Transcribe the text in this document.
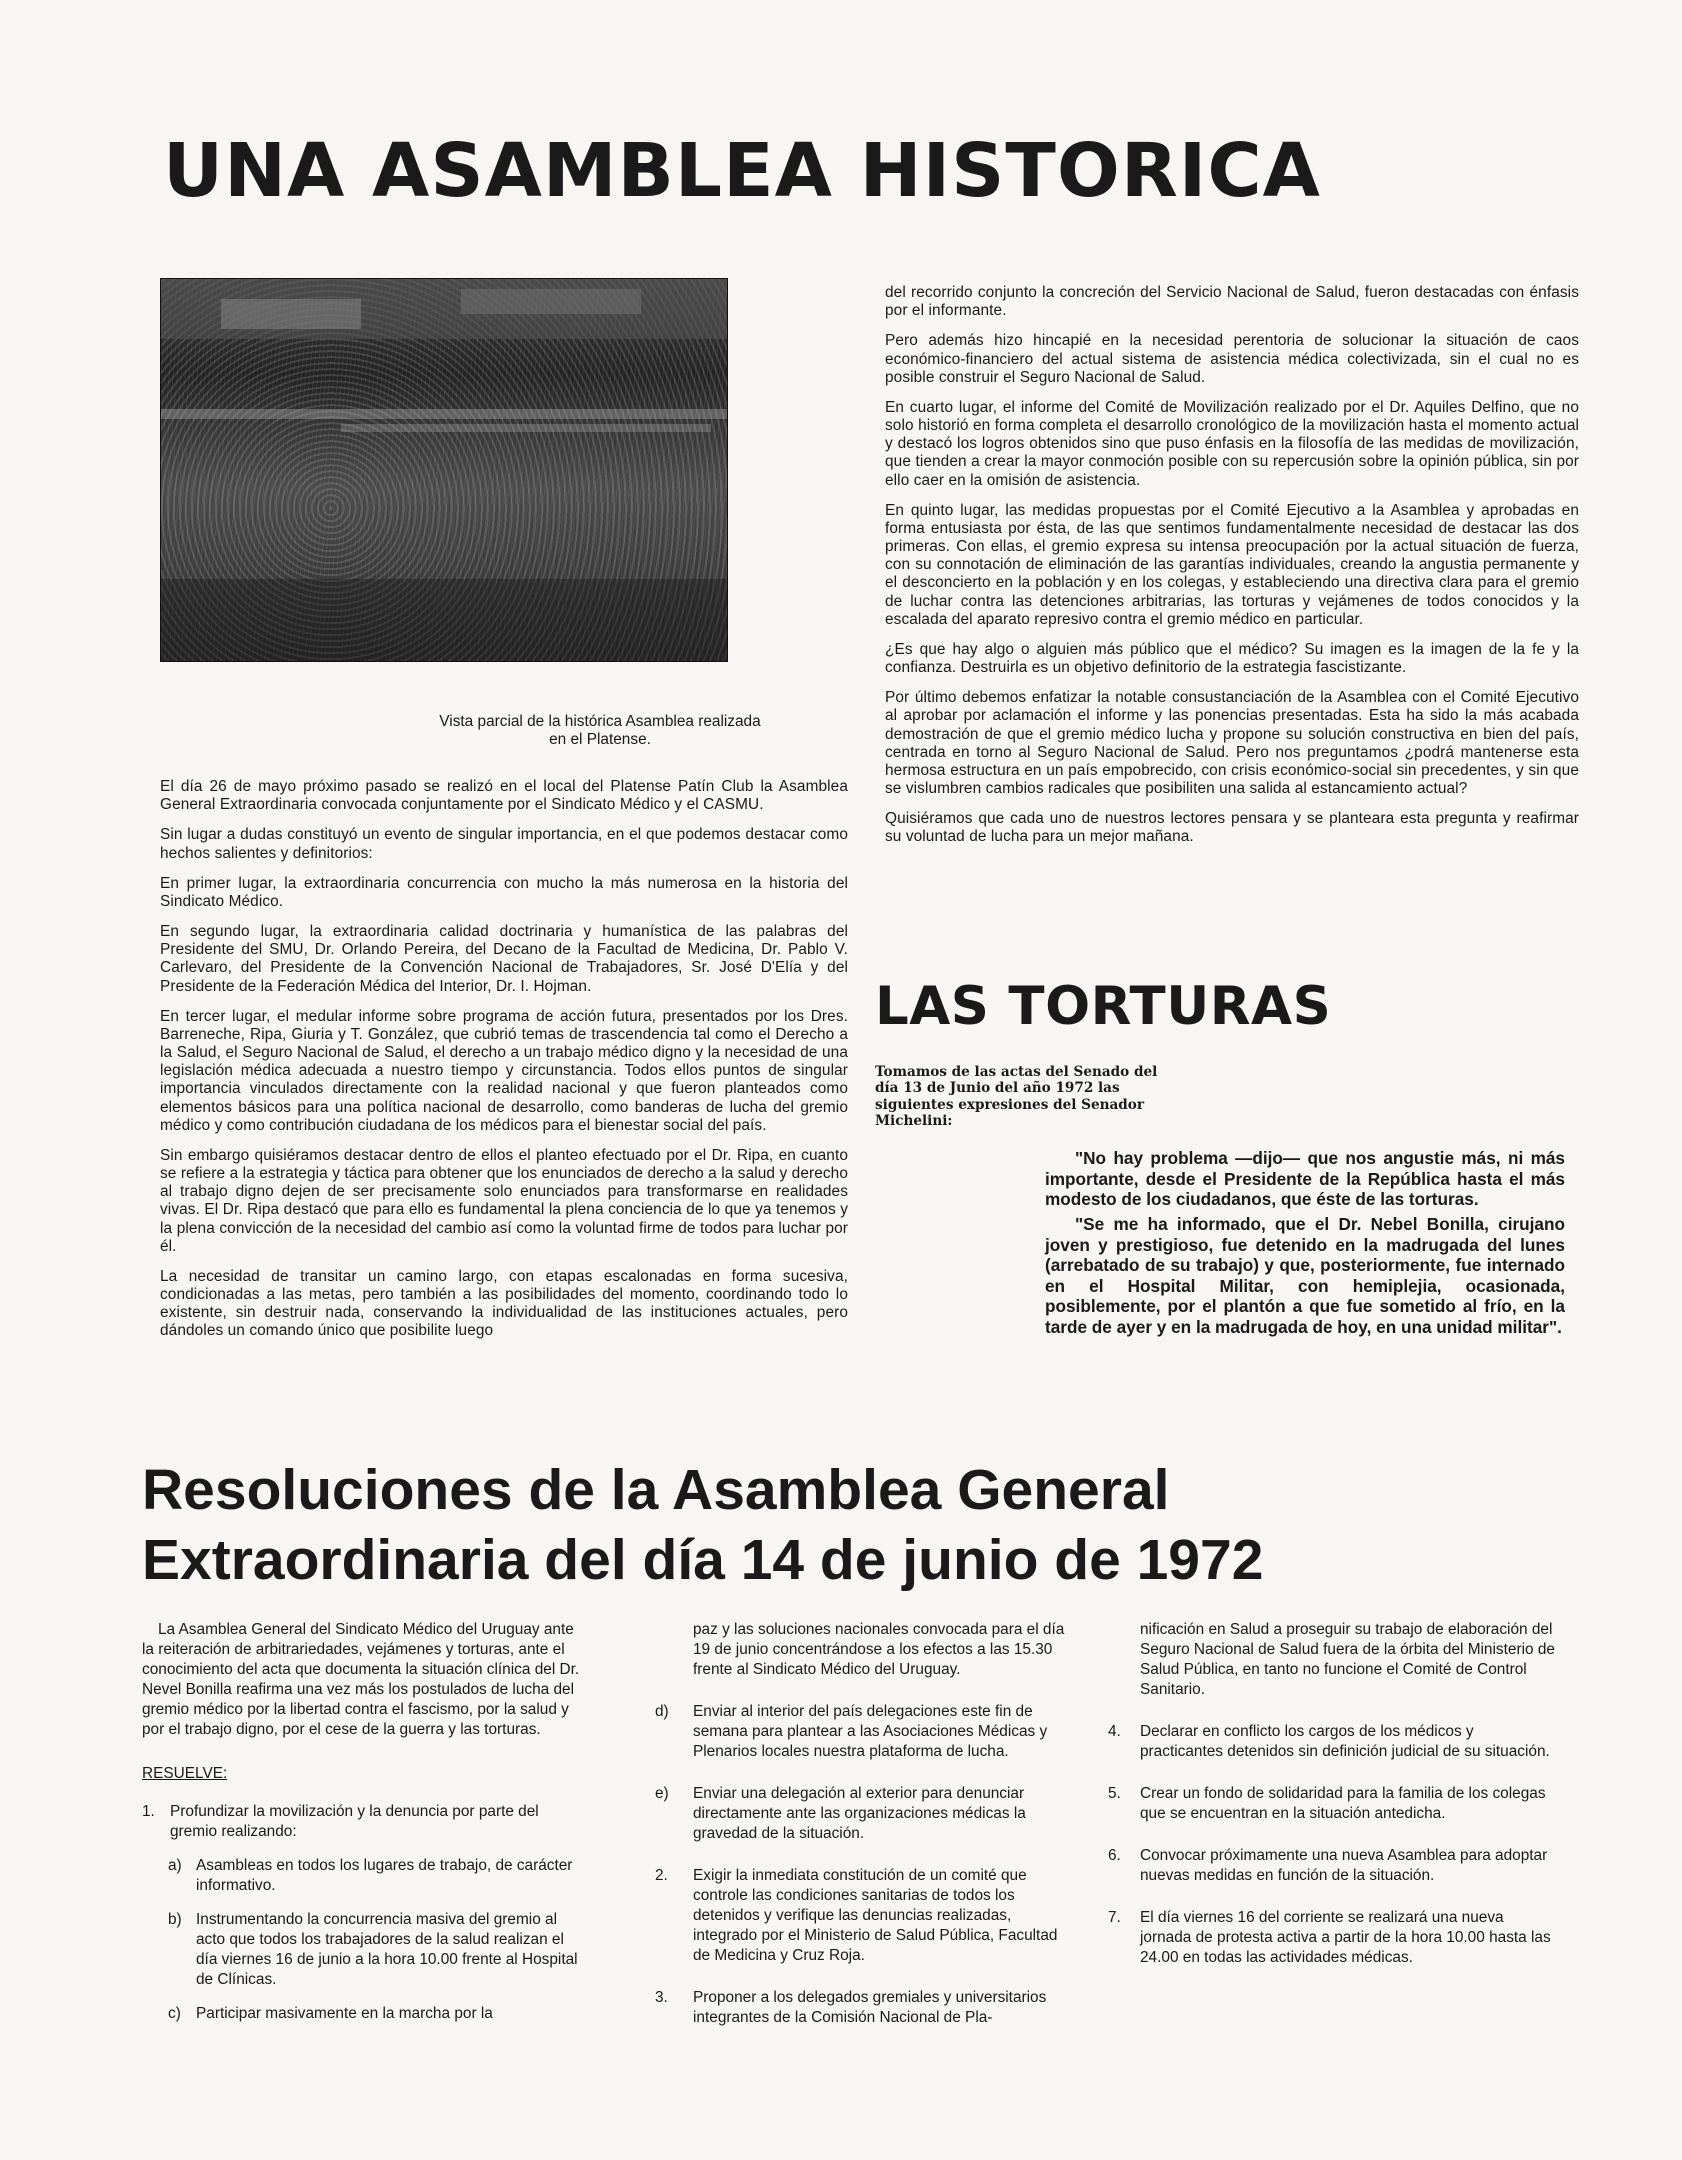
UNA ASAMBLEA HISTORICA
Vista parcial de la histórica Asamblea realizada
en el Platense.

El día 26 de mayo próximo pasado se realizó en el local del Platense Patín Club la Asamblea General Extraordinaria convocada conjuntamente por el Sindicato Médico y el CASMU.

Sin lugar a dudas constituyó un evento de singular importancia, en el que podemos destacar como hechos salientes y definitorios:

En primer lugar, la extraordinaria concurrencia con mucho la más numerosa en la historia del Sindicato Médico.

En segundo lugar, la extraordinaria calidad doctrinaria y humanística de las palabras del Presidente del SMU, Dr. Orlando Pereira, del Decano de la Facultad de Medicina, Dr. Pablo V. Carlevaro, del Presidente de la Convención Nacional de Trabajadores, Sr. José D'Elía y del Presidente de la Federación Médica del Interior, Dr. I. Hojman.

En tercer lugar, el medular informe sobre programa de acción futura, presentados por los Dres. Barreneche, Ripa, Giuria y T. González, que cubrió temas de trascendencia tal como el Derecho a la Salud, el Seguro Nacional de Salud, el derecho a un trabajo médico digno y la necesidad de una legislación médica adecuada a nuestro tiempo y circunstancia. Todos ellos puntos de singular importancia vinculados directamente con la realidad nacional y que fueron planteados como elementos básicos para una política nacional de desarrollo, como banderas de lucha del gremio médico y como contribución ciudadana de los médicos para el bienestar social del país.

Sin embargo quisiéramos destacar dentro de ellos el planteo efectuado por el Dr. Ripa, en cuanto se refiere a la estrategia y táctica para obtener que los enunciados de derecho a la salud y derecho al trabajo digno dejen de ser precisamente solo enunciados para transformarse en realidades vivas. El Dr. Ripa destacó que para ello es fundamental la plena conciencia de lo que ya tenemos y la plena convicción de la necesidad del cambio así como la voluntad firme de todos para luchar por él.

La necesidad de transitar un camino largo, con etapas escalonadas en forma sucesiva, condicionadas a las metas, pero también a las posibilidades del momento, coordinando todo lo existente, sin destruir nada, conservando la individualidad de las instituciones actuales, pero dándoles un comando único que posibilite luego

del recorrido conjunto la concreción del Servicio Nacional de Salud, fueron destacadas con énfasis por el informante.

Pero además hizo hincapié en la necesidad perentoria de solucionar la situación de caos económico-financiero del actual sistema de asistencia médica colectivizada, sin el cual no es posible construir el Seguro Nacional de Salud.

En cuarto lugar, el informe del Comité de Movilización realizado por el Dr. Aquiles Delfino, que no solo historió en forma completa el desarrollo cronológico de la movilización hasta el momento actual y destacó los logros obtenidos sino que puso énfasis en la filosofía de las medidas de movilización, que tienden a crear la mayor conmoción posible con su repercusión sobre la opinión pública, sin por ello caer en la omisión de asistencia.

En quinto lugar, las medidas propuestas por el Comité Ejecutivo a la Asamblea y aprobadas en forma entusiasta por ésta, de las que sentimos fundamentalmente necesidad de destacar las dos primeras. Con ellas, el gremio expresa su intensa preocupación por la actual situación de fuerza, con su connotación de eliminación de las garantías individuales, creando la angustia permanente y el desconcierto en la población y en los colegas, y estableciendo una directiva clara para el gremio de luchar contra las detenciones arbitrarias, las torturas y vejámenes de todos conocidos y la escalada del aparato represivo contra el gremio médico en particular.

¿Es que hay algo o alguien más público que el médico? Su imagen es la imagen de la fe y la confianza. Destruirla es un objetivo definitorio de la estrategia fascistizante.

Por último debemos enfatizar la notable consustanciación de la Asamblea con el Comité Ejecutivo al aprobar por aclamación el informe y las ponencias presentadas. Esta ha sido la más acabada demostración de que el gremio médico lucha y propone su solución constructiva en bien del país, centrada en torno al Seguro Nacional de Salud. Pero nos preguntamos ¿podrá mantenerse esta hermosa estructura en un país empobrecido, con crisis económico-social sin precedentes, y sin que se vislumbren cambios radicales que posibiliten una salida al estancamiento actual?

Quisiéramos que cada uno de nuestros lectores pensara y se planteara esta pregunta y reafirmar su voluntad de lucha para un mejor mañana.

LAS TORTURAS
Tomamos de las actas del Senado del día 13 de Junio del año 1972 las siguientes expresiones del Senador Michelini:

"No hay problema —dijo— que nos angustie más, ni más importante, desde el Presidente de la República hasta el más modesto de los ciudadanos, que éste de las torturas.

"Se me ha informado, que el Dr. Nebel Bonilla, cirujano joven y prestigioso, fue detenido en la madrugada del lunes (arrebatado de su trabajo) y que, posteriormente, fue internado en el Hospital Militar, con hemiplejia, ocasionada, posiblemente, por el plantón a que fue sometido al frío, en la tarde de ayer y en la madrugada de hoy, en una unidad militar".

Resoluciones de la Asamblea General
Extraordinaria del día 14 de junio de 1972

La Asamblea General del Sindicato Médico del Uruguay ante la reiteración de arbitrariedades, vejámenes y torturas, ante el conocimiento del acta que documenta la situación clínica del Dr. Nevel Bonilla reafirma una vez más los postulados de lucha del gremio médico por la libertad contra el fascismo, por la salud y por el trabajo digno, por el cese de la guerra y las torturas.

RESUELVE:

1. Profundizar la movilización y la denuncia por parte del gremio realizando:
a) Asambleas en todos los lugares de trabajo, de carácter informativo.
b) Instrumentando la concurrencia masiva del gremio al acto que todos los trabajadores de la salud realizan el día viernes 16 de junio a la hora 10.00 frente al Hospital de Clínicas.
c) Participar masivamente en la marcha por la
paz y las soluciones nacionales convocada para el día 19 de junio concentrándose a los efectos a las 15.30 frente al Sindicato Médico del Uruguay.
d)	Enviar al interior del país delegaciones este fin de semana para plantear a las Asociaciones Médicas y Plenarios locales nuestra plataforma de lucha.
e)	Enviar una delegación al exterior para denunciar directamente ante las organizaciones médicas la gravedad de la situación.
2.	Exigir la inmediata constitución de un comité que controle las condiciones sanitarias de todos los detenidos y verifique las denuncias realizadas, integrado por el Ministerio de Salud Pública, Facultad de Medicina y Cruz Roja.
3.	Proponer a los delegados gremiales y universitarios integrantes de la Comisión Nacional de Pla-
nificación en Salud a proseguir su trabajo de elaboración del Seguro Nacional de Salud fuera de la órbita del Ministerio de Salud Pública, en tanto no funcione el Comité de Control Sanitario.
4.	Declarar en conflicto los cargos de los médicos y practicantes detenidos sin definición judicial de su situación.
5.	Crear un fondo de solidaridad para la familia de los colegas que se encuentran en la situación antedicha.
6.	Convocar próximamente una nueva Asamblea para adoptar nuevas medidas en función de la situación.
7.	El día viernes 16 del corriente se realizará una nueva jornada de protesta activa a partir de la hora 10.00 hasta las 24.00 en todas las actividades médicas.
